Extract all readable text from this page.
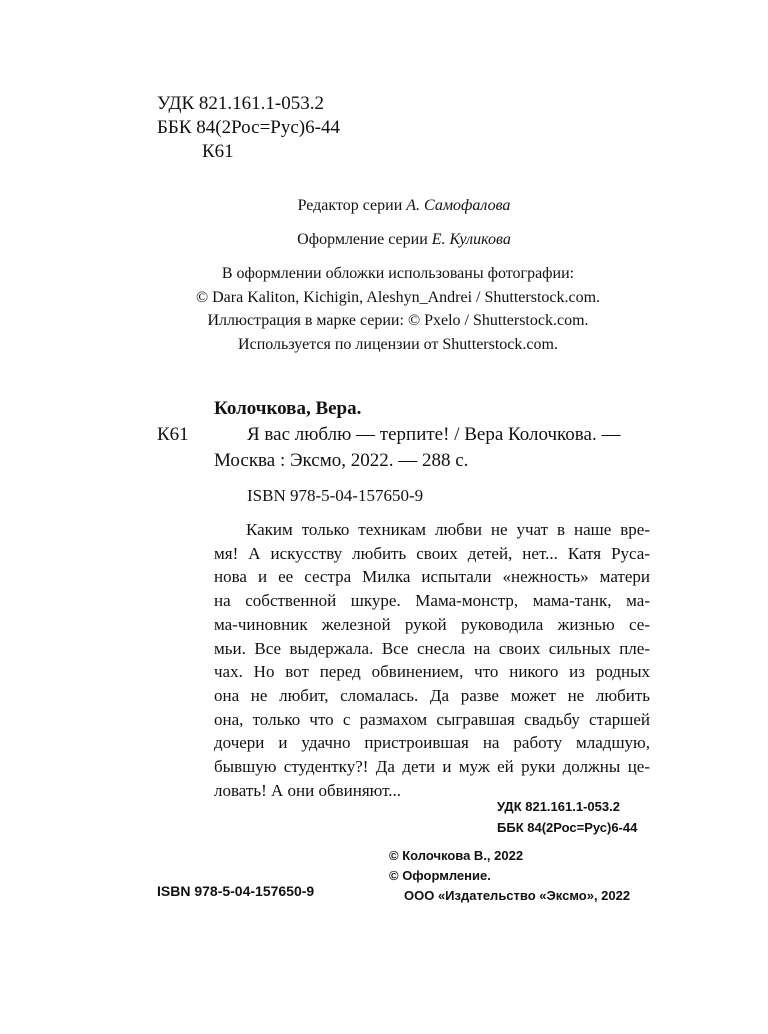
УДК 821.161.1-053.2
ББК 84(2Рос=Рус)6-44
К61
Редактор серии А. Самофалова
Оформление серии Е. Куликова
В оформлении обложки использованы фотографии:
© Dara Kaliton, Kichigin, Aleshyn_Andrei / Shutterstock.com.
Иллюстрация в марке серии: © Pxelo / Shutterstock.com.
Используется по лицензии от Shutterstock.com.
Колочкова, Вера.
К61	Я вас люблю — терпите! / Вера Колочкова. —
Москва : Эксмо, 2022. — 288 с.
ISBN 978-5-04-157650-9
Каким только техникам любви не учат в наше вре-
мя! А искусству любить своих детей, нет... Катя Руса-
нова и ее сестра Милка испытали «нежность» матери
на собственной шкуре. Мама-монстр, мама-танк, ма-
ма-чиновник железной рукой руководила жизнью се-
мьи. Все выдержала. Все снесла на своих сильных пле-
чах. Но вот перед обвинением, что никого из родных
она не любит, сломалась. Да разве может не любить
она, только что с размахом сыгравшая свадьбу старшей
дочери и удачно пристроившая на работу младшую,
бывшую студентку?! Да дети и муж ей руки должны це-
ловать! А они обвиняют...
УДК 821.161.1-053.2
ББК 84(2Рос=Рус)6-44
© Колочкова В., 2022
© Оформление.
ООО «Издательство «Эксмо», 2022
ISBN 978-5-04-157650-9
